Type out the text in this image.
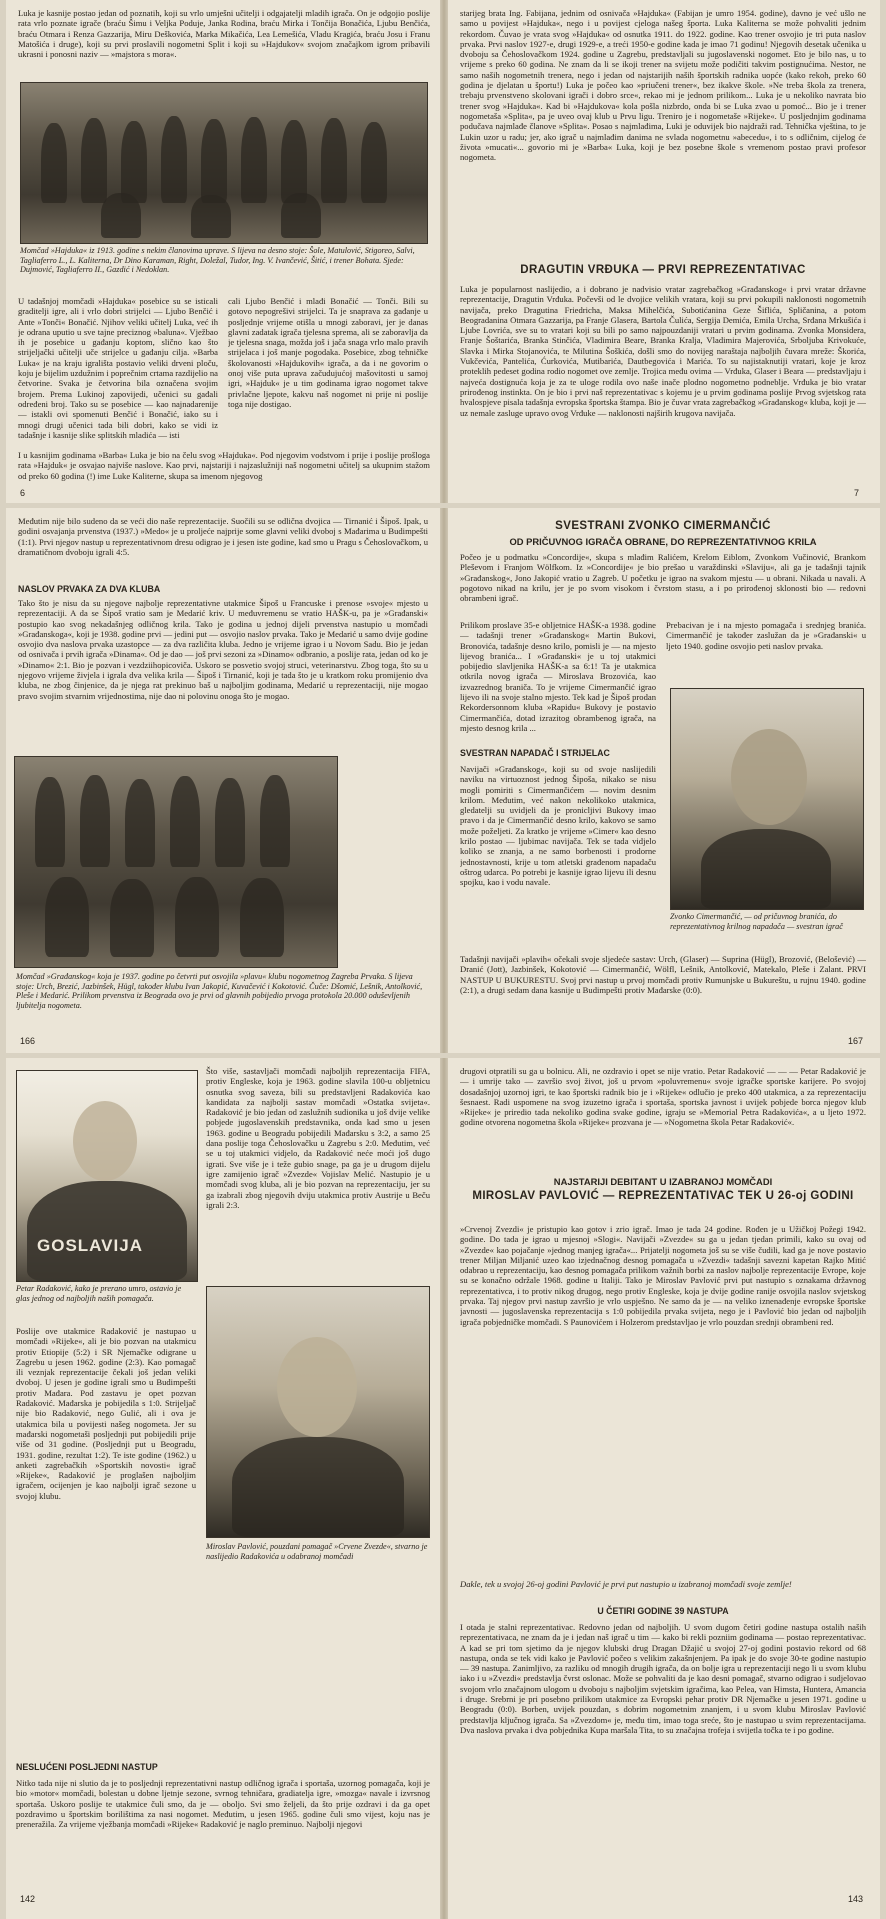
Luka je kasnije postao jedan od poznatih, koji su vrlo umješni učitelji i odgajatelji mladih igrača. On je odgojio poslije rata vrlo poznate igrače (braću Šimu i Veljka Poduje, Janka Rodina, braću Mirka i Tončija Bonačića, Ljubu Benčića, braću Otmara i Renza Gazzarija, Miru Deškovića, Marka Mikačića, Lea Lemešića, Vladu Kragića, braću Josu i Franu Matošića i druge), koji su prvi proslavili nogometni Split i koji su »Hajdukov« svojom značajkom igrom pribavili ukrasni i ponosni naziv — »majstora s mora«.

Momčad »Hajduka« iz 1913. godine s nekim članovima uprave. S lijeva na desno stoje: Šole, Matulović, Stigoreo, Salvi, Tagliaferro L., L. Kaliterna, Dr Dino Karaman, Right, Doležal, Tudor, Ing. V. Ivančević, Šitić, i trener Bohata. Sjede: Dujmović, Tagliaferro II., Gazdić i Nedoklan.

U tadašnjoj momčadi »Hajduka« posebice su se isticali graditelji igre, ali i vrlo dobri strijelci — Ljubo Benčić i Ante »Tonči« Bonačić. Njihov veliki učitelj Luka, već ih je odrana uputio u sve tajne preciznog »baluna«. Vježbao ih je posebice u gađanju koptom, slično kao što strijeljački učitelji uče strijelce u gađanju cilja. »Barba Luka« je na kraju igrališta postavio veliki drveni ploču, koju je bijelim uzdužnim i poprečnim crtama razdijelio na četvorine. Svaka je četvorina bila označena svojim brojem. Prema Lukinoj zapovijedi, učenici su gađali određeni broj. Tako su se posebice — kao najnadarenije — istakli ovi spomenuti Benčić i Bonačić, iako su i mnogi drugi učenici tada bili dobri, kako se vidi iz tadašnje i kasnije slike splitskih mladića — isti

cali Ljubo Benčić i mlađi Bonačić — Tonči. Bili su gotovo nepogrešivi strijelci. Ta je snaprava za gađanje u posljednje vrijeme otišla u mnogi zaboravi, jer je danas glavni zadatak igrača tjelesna sprema, ali se zaboravlja da je tjelesna snaga, možda još i jača snaga vrlo malo pravih strijelaca i još manje pogodaka. Posebice, zbog tehničke školovanosti »Hajdukovih« igrača, a da i ne govorim o onoj više puta uprava začudujućoj mašovitosti u samoj igri, »Hajduk« je u tim godinama igrao nogomet takve privlačne ljepote, kakvu naš nogomet ni prije ni poslije toga nije dostigao.

I u kasnijim godinama »Barba« Luka je bio na čelu svog »Hajduka«. Pod njegovim vodstvom i prije i poslije prošloga rata »Hajduk« je osvajao najviše naslove. Kao prvi, najstariji i najzaslužniji naš nogometni učitelj sa ukupnim stažom od preko 60 godina (!) ime Luke Kaliterne, skupa sa imenom njegovog

6

starijeg brata Ing. Fabijana, jednim od osnivača »Hajduka« (Fabijan je umro 1954. godine), davno je već ušlo ne samo u povijest »Hajduka«, nego i u povijest cjeloga našeg športa. Luka Kaliterna se može pohvaliti jednim rekordom. Čuvao je vrata svog »Hajduka« od osnutka 1911. do 1922. godine. Kao trener osvojio je tri puta naslov prvaka. Prvi naslov 1927-e, drugi 1929-e, a treći 1950-e godine kada je imao 71 godinu! Njegovih desetak učenika u dvoboju sa Čehoslovačkom 1924. godine u Zagrebu, predstavljali su jugoslavenski nogomet. Eto je bilo nas, u to vrijeme s preko 60 godina. Ne znam da li se ikoji trener na svijetu može podičiti takvim postignućima. Nestor, ne samo naših nogometnih trenera, nego i jedan od najstarijih naših športskih radnika uopće (kako rekoh, preko 60 godina je djelatan u športu!) Luka je počeo kao »priučeni trener«, bez ikakve škole. »Ne treba škola za trenera, trebaju prvenstveno skolovani igrači i dobro srce«, rekao mi je jednom prilikom... Luka je u nekoliko navrata bio trener svog »Hajduka«. Kad bi »Hajdukova« kola pošla nizbrdo, onda bi se Luka zvao u pomoć... Bio je i trener nogometaša »Splita«, pa je uveo ovaj klub u Prvu ligu. Treniro je i nogometaše »Rijeke«. U posljednjim godinama podučava najmlađe članove »Splita«. Posao s najmlađima, Luki je oduvijek bio najdraži rad. Tehnička vještina, to je Lukin uzor u radu; jer, ako igrač u najmlađim danima ne svlada nogometnu »abecedu«, i to s odličnim, cijelog će života »mucati«... govorio mi je »Barba« Luka, koji je bez posebne škole s vremenom postao pravi profesor nogometa.

DRAGUTIN VRĐUKA — PRVI REPREZENTATIVAC

Luka je popularnost naslijedio, a i dobrano je nadvisio vratar zagrebačkog »Građanskog« i prvi vratar državne reprezentacije, Dragutin Vrđuka. Počevši od le dvojice velikih vratara, koji su prvi pokupili naklonosti nogometnih navijača, preko Dragutina Friedricha, Maksa Mihelčića, Subotićanina Geze Šiflića, Spličanina, a potom Beogradanina Otmara Gazzarija, pa Franje Glasera, Bartola Čulića, Sergija Demića, Emila Urcha, Srđana Mrkušića i Ljube Lovrića, sve su to vratari koji su bili po samo najpouzdaniji vratari u prvim godinama. Zvonka Monsidera, Franje Šoštarića, Branka Stinčića, Vladimira Beare, Branka Kralja, Vladimira Majerovića, Srboljuba Krivokuće, Slavka i Mirka Stojanovića, te Milutina Šoškića, došli smo do novijeg naraštaja najboljih čuvara mreže: Škorića, Vukčevića, Pantelića, Ćurkovića, Mutibarića, Dautbegovića i Marića. To su najistaknutiji vratari, koje je kroz proteklih pedeset godina rodio nogomet ove zemlje. Trojica među ovima — Vrđuka, Glaser i Beara — predstavljaju i najveća dostignuća koja je za te uloge rodila ovo naše inače plodno nogometno podneblje. Vrđuka je bio vratar prirođenog instinkta. On je bio i prvi naš reprezentativac s kojemu je u prvim godinama poslije Prvog svjetskog rata hvalospjeve pisala tadašnja evropska športska štampa. Bio je čuvar vrata zagrebačkog »Građanskog« kluba, koji je — uz nemale zasluge upravo ovog Vrđuke — naklonosti najširih krugova navijača.

7

Međutim nije bilo sudeno da se veći dio naše reprezentacije. Suočili su se odlična dvojica — Tirnanić i Šipoš. Ipak, u godini osvajanja prvenstva (1937.) »Medo« je u prolјeće najprije some glavni veliki dvoboj s Mađarima u Budimpešti (1:1). Prvi njegov nastup u reprezentativnom dresu odigrao je i jesen iste godine, kad smo u Pragu s Čehoslovačkom, u dramatičnom dvoboju igrali 4:5.

NASLOV PRVAKA ZA DVA KLUBA

Tako što je nisu da su njegove najbolje reprezentativne utakmice Šipoš u Francuske i prenose »svoje« mjesto u reprezentaciji. A da se Šipoš vratio sam je Medarić kriv. U međuvremenu se vratio HAŠK-u, pa je »Građanski« postupio kao svog nekadašnjeg odličnog krila. Tako je godina u jednoj dijeli prvenstva nastupio u momčadi »Građanskoga«, koji je 1938. godine prvi — jedini put — osvojio naslov prvaka. Tako je Medarić u samo dvije godine osvojio dva naslova prvaka uzastopce — za dva različita kluba. Jedno je vrijeme igrao i u Novom Sadu. Bio je jedan od osnivača i prvih igrača »Dinama«. Od je dao — još prvi sezoni za »Dinamo« odbranio, a poslije rata, jedan od ko je »Dinamo« 2:1. Bio je pozvan i vezdziihopicoviča. Uskoro se posvetio svojoj struci, veterinarstvu. Zbog toga, što su u njegovo vrijeme živjela i igrala dva velika krila — Šipoš i Tirnanić, koji je tada što je u kratkom roku promijenio dva kluba, ne zbog činjenice, da je njega rat prekinuo baš u najboljim godinama, Medarić u reprezentaciji, nije mogao pravo svojim stvarnim vrijednostima, nije dao ni polovinu onoga što je mogao.

Momčad »Građanskog« koja je 1937. godine po četvrti put osvojila »plavu« klubu nogometnog Zagreba Prvaka. S lijeva stoje: Urch, Brezić, Jazbinšek, Hügl, također klubu Ivan Jakopić, Kuvačević i Kokotović. Čuče: Dšomić, Lešnik, Antolković, Pleše i Medarić. Prilikom prvenstva iz Beograda ovo je prvi od glavnih pobijedio prvoga protokola 20.000 oduševljenih ljubitelja nogometa.
166
SVESTRANI ZVONKO CIMERMANČIĆ
OD PRIČUVNOG IGRAČA OBRANE, DO REPREZENTATIVNOG KRILA

Počeo je u podmatku »Concordije«, skupa s mlađim Ralićem, Krelom Eiblom, Zvonkom Vučinović, Brankom Pleševom i Franjom Wölfkom. Iz »Concordije« je bio prešao u varaždinski »Slaviju«, ali ga je tadašnji tajnik »Građanskog«, Jono Jakopić vratio u Zagreb. U početku je igrao na svakom mjestu — u obrani. Nikada u navali. A pogotovo nikad na krilu, jer je po svom visokom i čvrstom stasu, a i po prirođenoj sklonosti bio — redovni obrambeni igrač.

Prilikom proslave 35-e obljetnice HAŠK-a 1938. godine — tadašnji trener »Građanskog« Martin Bukovi, Bronovića, tadašnje desno krilo, pomisli je — na mjesto lijevog branića... I »Građanski« je u toj utakmici pobijedio slavljenika HAŠK-a sa 6:1! Ta je utakmica otkrila novog igrača — Miroslava Brozovića, kao izvazrednog braniča. To je vrijeme Cimermančić igrao lijevo ili na svoje stalno mjesto. Tek kad je Šipoš prodan Rekordersonnom kluba »Rapidu« Bukovy je postavio Cimermančića, dotad izrazitog obrambenog igrača, na mjesto desnog krila ...

Prebacivan je i na mjesto pomagača i srednjeg branića. Cimermančić je također zaslužan da je »Građanski« u ljeto 1940. godine osvojio peti naslov prvaka.

Zvonko Cimermančić, — od pričuvnog branića, do reprezentativnog krilnog napadača — svestran igrač
SVESTRAN NAPADAČ I STRIJELAC

Navijači »Građanskog«, koji su od svoje naslijedili naviku na virtuoznost jednog Šipoša, nikako se nisu mogli pomiriti s Cimermančićem — novim desnim krilom. Međutim, već nakon nekolikoko utakmica, gledatelji su uvidjeli da je pronicljivi Bukovy imao pravo i da je Cimermančić desno krilo, kakovo se samo može poželjeti. Za kratko je vrijeme »Cimer« kao desno krilo postao — ljubimac navijača. Tek se tada vidjelo koliko se znanja, a ne samo borbenosti i prodorne jednostavnosti, krije u tom atletski građenom napadaču oštrog udarca. Po potrebi je kasnije igrao lijevu ili desnu spojku, kao i vodu navale.

Tadašnji navijači »plavih« očekali svoje sljedeće sastav: Urch, (Glaser) — Suprina (Hügl), Brozović, (Belošević) — Dranić (Jott), Jazbinšek, Kokotović — Cimermančić, Wölfl, Lešnik, Antolković, Matekalo, Pleše i Zalant. PRVI NASTUP U BUKURESTU. Svoj prvi nastup u prvoj momčadi protiv Rumunjske u Bukureštu, u rujnu 1940. godine (2:1), a drugi sedam dana kasnije u Budimpešti protiv Mađarske (0:0).

167
GOSLAVIJA
Petar Radaković, kako je prerano umro, ostavio je glas jednog od najboljih naših pomagača.

Što više, sastavljači momčadi najboljih reprezentacija FIFA, protiv Engleske, koja je 1963. godine slavila 100-u obljetnicu osnutka svog saveza, bili su predstavljeni Radakovića kao kandidata za najbolji sastav momčadi »Ostatka svijeta«. Radaković je bio jedan od zaslužnih sudionika u još dvije velike pobjede jugoslavenskih predstavnika, onda kad smo u jesen 1963. godine u Beogradu pobijedili Mađarsku s 3:2, a samo 25 dana poslije toga Čehoslovačku u Zagrebu s 2:0. Međutim, već se u toj utakmici vidjelo, da Radaković neće moći još dugo igrati. Sve više je i teže gubio snage, pa ga je u drugom dijelu igre zamijenio igrač »Zvezde« Vojislav Melić. Nastupio je u momčadi svog kluba, ali je bio pozvan na reprezentaciju, jer su ga izabrali zbog njegovih dviju utakmica protiv Austrije u Beču igrali 2:3.

Poslije ove utakmice Radaković je nastupao u momčadi »Rijeke«, ali je bio pozvan na utakmicu protiv Etiopije (5:2) i SR Njemačke odigrane u Zagrebu u jesen 1962. godine (2:3). Kao pomagač ili veznjak reprezentacije čekali još jedan veliki dvoboj. U jesen je godine igrali smo u Budimpešti protiv Mađara. Pod zastavu je opet pozvan Radaković. Mađarska je pobijedila s 1:0. Strijeljač nije bio Radaković, nego Gulić, ali i ova je utakmica bila u povijesti našeg nogometa. Jer su mađarski nogometaši posljednji put pobijedili prije više od 31 godine. (Posljednji put u Beogradu, 1931. godine, rezultat 1:2). Te iste godine (1962.) u anketi zagrebačkih »Sportskih novosti« igrač »Rijeke«, Radaković je proglašen najboljim igračem, ocijenjen je kao najbolji igrač sezone u svojoj klubu.

Miroslav Pavlović, pouzdani pomagač »Crvene Zvezde«, stvarno je naslijedio Radakovića u odabranoj momčadi
NESLUĆENI POSLJEDNI NASTUP

Nitko tada nije ni slutio da je to posljednji reprezentativni nastup odličnog igrača i sportaša, uzornog pomagača, koji je bio »motor« momčadi, bolestan u dobne ljetnje sezone, svrnog tehničara, gradiatelja igre, »mozga« navale i izvrsnog sportaša. Uskoro poslije te utakmice čuli smo, da je — oboljo. Svi smo željeli, da što prije ozdravi i da ga opet pozdravimo u športskim borilištima za nasi nogomet. Međutim, u jesen 1965. godine čuli smo vijest, koju nas je preneražila. Za vrijeme vježbanja momčadi »Rijeke« Radaković je naglo preminuo. Najbolji njegovi

142

drugovi otpratili su ga u bolnicu. Ali, ne ozdravio i opet se nije vratio. Petar Radaković — — — Petar Radaković je — i umrije tako — završio svoj život, još u prvom »poluvremenu« svoje igračke sportske karijere. Po svojoj dosadašnjoj uzornoj igri, te kao športski radnik bio je i »Rijeke« odlučio je preko 400 utakmica, a za reprezentaciju šesnaest. Radi uspomene na svog izuzetno igrača i sportaša, sportska javnost i uvijek pobjede borca njegov klub »Rijeke« je priredio tada nekoliko godina svake godine, igraju se »Memorial Petra Radakovića«, a u ljeto 1972. godine otvorena nogometna škola »Rijeke« prozvana je — »Nogometna škola Petar Radaković«.

NAJSTARIJI DEBITANT U IZABRANOJ MOMČADI
MIROSLAV PAVLOVIĆ — REPREZENTATIVAC TEK U 26-oj GODINI

»Crvenoj Zvezdi« je pristupio kao gotov i zrio igrač. Imao je tada 24 godine. Rođen je u Užičkoj Požegi 1942. godine. Do tada je igrao u mjesnoj »Slogi«. Navijači »Zvezde« su ga u jedan tjedan primili, kako su ovaj od »Zvezde« kao pojačanje »jednog manjeg igrača«... Prijatelji nogometa još su se više čudili, kad ga je nove postavio trener Miljan Miljanić uzeo kao izjednačnog desnog pomagača u »Zvezdi« tadašnji savezni kapetan Rajko Mitić odabrao u reprezentaciju, kao desnog pomagača prilikom važnih borbi za naslov najbolje reprezentacije Evrope, koje su se konačno održale 1968. godine u Italiji. Tako je Miroslav Pavlović prvi put nastupio s oznakama državnog reprezentativca, i to protiv nikog drugog, nego protiv Engleske, koja je dvije godine ranije osvojila naslov svjetskog prvaka. Taj njegov prvi nastup završio je vrlo uspješno. Ne samo da je — na veliko iznenađenje evropske športske javnosti — jugoslavenska reprezentacija s 1:0 pobijedila prvaka svijeta, nego je i Pavlović bio jedan od najboljih igrača pobjedničke momčadi. S Paunovićem i Holzerom predstavljao je vrlo pouzdan srednji obrambeni red.

Dakle, tek u svojoj 26-oj godini Pavlović je prvi put nastupio u izabranoj momčadi svoje zemlje!
U ČETIRI GODINE 39 NASTUPA

I otada je stalni reprezentativac. Redovno jedan od najboljih. U svom dugom četiri godine nastupa ostalih naših reprezentativaca, ne znam da je i jedan naš igrač u tim — kako bi rekli pozniim godinama — postao reprezentativac. A kad se pri tom sjetimo da je njegov klubski drug Dragan Džajić u svojoj 27-oj godini postavio rekord od 68 nastupa, onda se tek vidi kako je Pavlović počeo s velikim zakašnjenjem. Pa ipak je do svoje 30-te godine nastupio — 39 nastupa. Zanimljivo, za razliku od mnogih drugih igrača, da on bolje igra u reprezentaciji nego li u svom klubu iako i u »Zvezdi« predstavlja čvrst oslonac. Može se pohvaliti da je kao desni pomagač, stvarno odigrao i sudjelovao svojom vrlo značajnom ulogom u dvoboju s najboljim svjetskim igračima, kao Pelea, van Himsta, Huntera, Amancia i druge. Srebrni je pri posebno prilikom utakmice za Evropski pehar protiv DR Njemačke u jesen 1971. godine u Beogradu (0:0). Borben, uvijek pouzdan, s dobrim nogometnim znanjem, i u svom klubu Miroslav Pavlović predstavlja ključnog igrača. Sa »Zvezdom« je, među tim, imao toga sreće, što je nastupao u svim reprezentacijama. Dva naslova prvaka i dva pobjednika Kupa maršala Tita, to su značajna trofeja i svijetla točka te i po godine.

143
